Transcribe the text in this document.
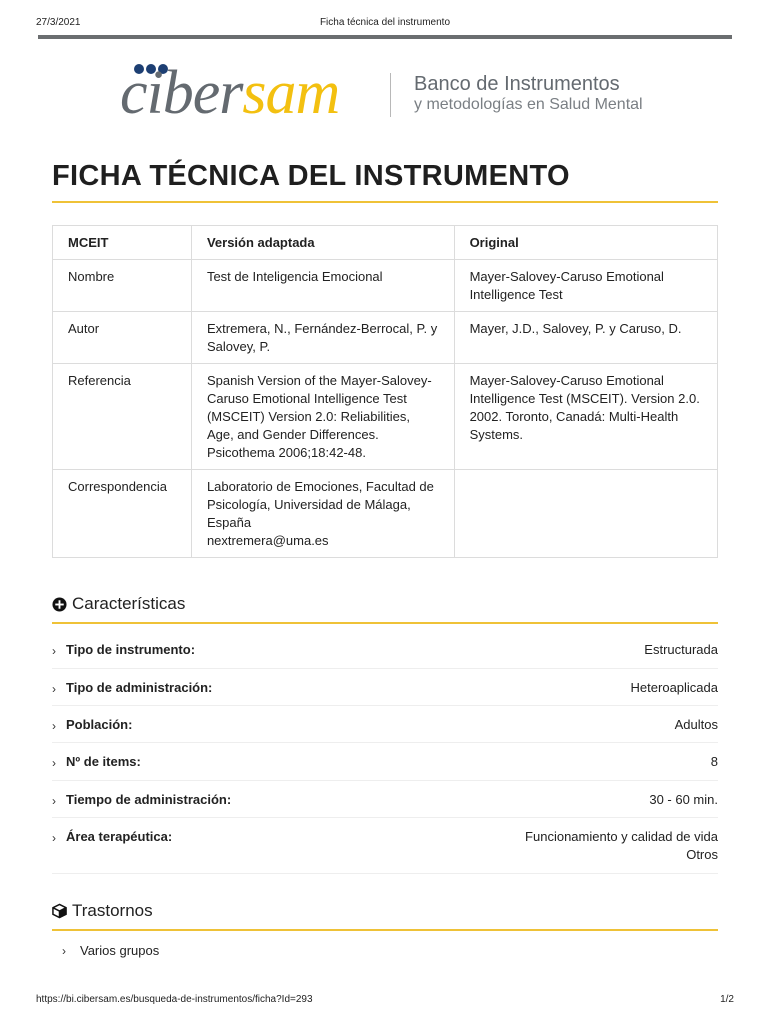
27/3/2021	Ficha técnica del instrumento
cibersam	Banco de Instrumentos
y metodologías en Salud Mental
FICHA TÉCNICA DEL INSTRUMENTO
MCEIT	Versión adaptada	Original
Nombre	Test de Inteligencia Emocional	Mayer-Salovey-Caruso Emotional Intelligence Test
Autor	Extremera, N., Fernández-Berrocal, P. y Salovey, P.	Mayer, J.D., Salovey, P. y Caruso, D.
Referencia	Spanish Version of the Mayer-Salovey-Caruso Emotional Intelligence Test (MSCEIT) Version 2.0: Reliabilities, Age, and Gender Differences. Psicothema 2006;18:42-48.	Mayer-Salovey-Caruso Emotional Intelligence Test (MSCEIT). Version 2.0. 2002. Toronto, Canadá: Multi-Health Systems.
Correspondencia	Laboratorio de Emociones, Facultad de Psicología, Universidad de Málaga, España
nextremera@uma.es	

Características
› Tipo de instrumento:	Estructurada
› Tipo de administración:	Heteroaplicada
› Población:	Adultos
› Nº de items:	8
› Tiempo de administración:	30 - 60 min.
› Área terapéutica:	Funcionamiento y calidad de vida
Otros
Trastornos
› Varios grupos
https://bi.cibersam.es/busqueda-de-instrumentos/ficha?Id=293	1/2
